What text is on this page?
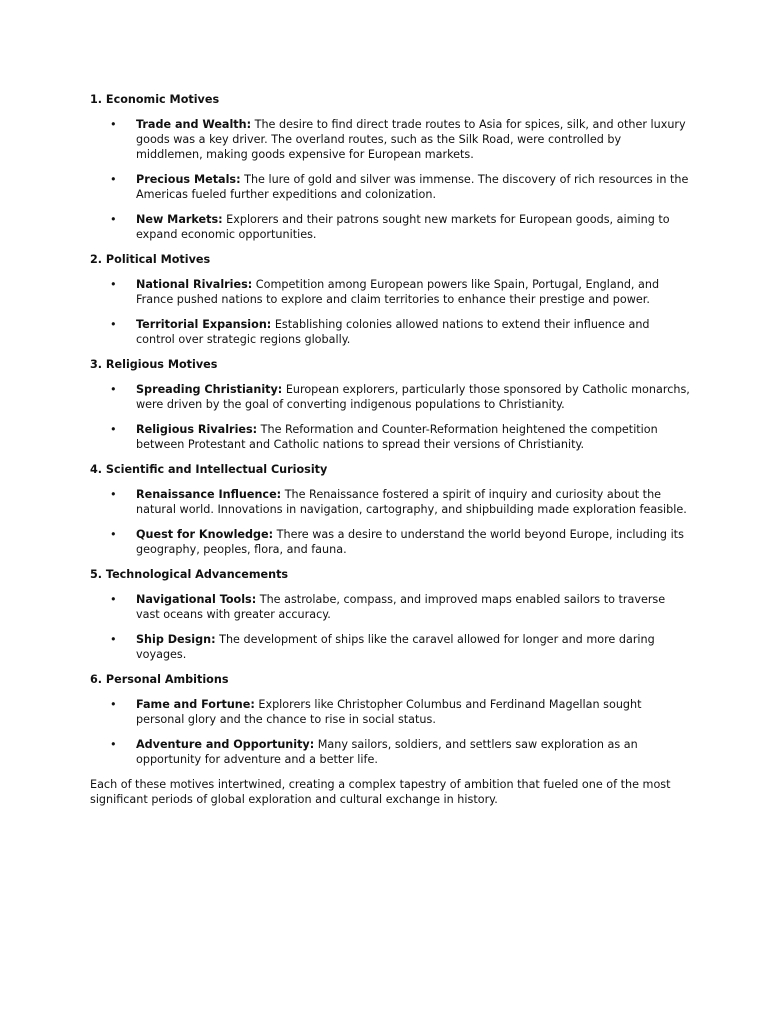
1. Economic Motives
• Trade and Wealth: The desire to find direct trade routes to Asia for spices, silk, and other luxury goods was a key driver. The overland routes, such as the Silk Road, were controlled by middlemen, making goods expensive for European markets.
• Precious Metals: The lure of gold and silver was immense. The discovery of rich resources in the Americas fueled further expeditions and colonization.
• New Markets: Explorers and their patrons sought new markets for European goods, aiming to expand economic opportunities.
2. Political Motives
• National Rivalries: Competition among European powers like Spain, Portugal, England, and France pushed nations to explore and claim territories to enhance their prestige and power.
• Territorial Expansion: Establishing colonies allowed nations to extend their influence and control over strategic regions globally.
3. Religious Motives
• Spreading Christianity: European explorers, particularly those sponsored by Catholic monarchs, were driven by the goal of converting indigenous populations to Christianity.
• Religious Rivalries: The Reformation and Counter-Reformation heightened the competition between Protestant and Catholic nations to spread their versions of Christianity.
4. Scientific and Intellectual Curiosity
• Renaissance Influence: The Renaissance fostered a spirit of inquiry and curiosity about the natural world. Innovations in navigation, cartography, and shipbuilding made exploration feasible.
• Quest for Knowledge: There was a desire to understand the world beyond Europe, including its geography, peoples, flora, and fauna.
5. Technological Advancements
• Navigational Tools: The astrolabe, compass, and improved maps enabled sailors to traverse vast oceans with greater accuracy.
• Ship Design: The development of ships like the caravel allowed for longer and more daring voyages.
6. Personal Ambitions
• Fame and Fortune: Explorers like Christopher Columbus and Ferdinand Magellan sought personal glory and the chance to rise in social status.
• Adventure and Opportunity: Many sailors, soldiers, and settlers saw exploration as an opportunity for adventure and a better life.

Each of these motives intertwined, creating a complex tapestry of ambition that fueled one of the most significant periods of global exploration and cultural exchange in history.
